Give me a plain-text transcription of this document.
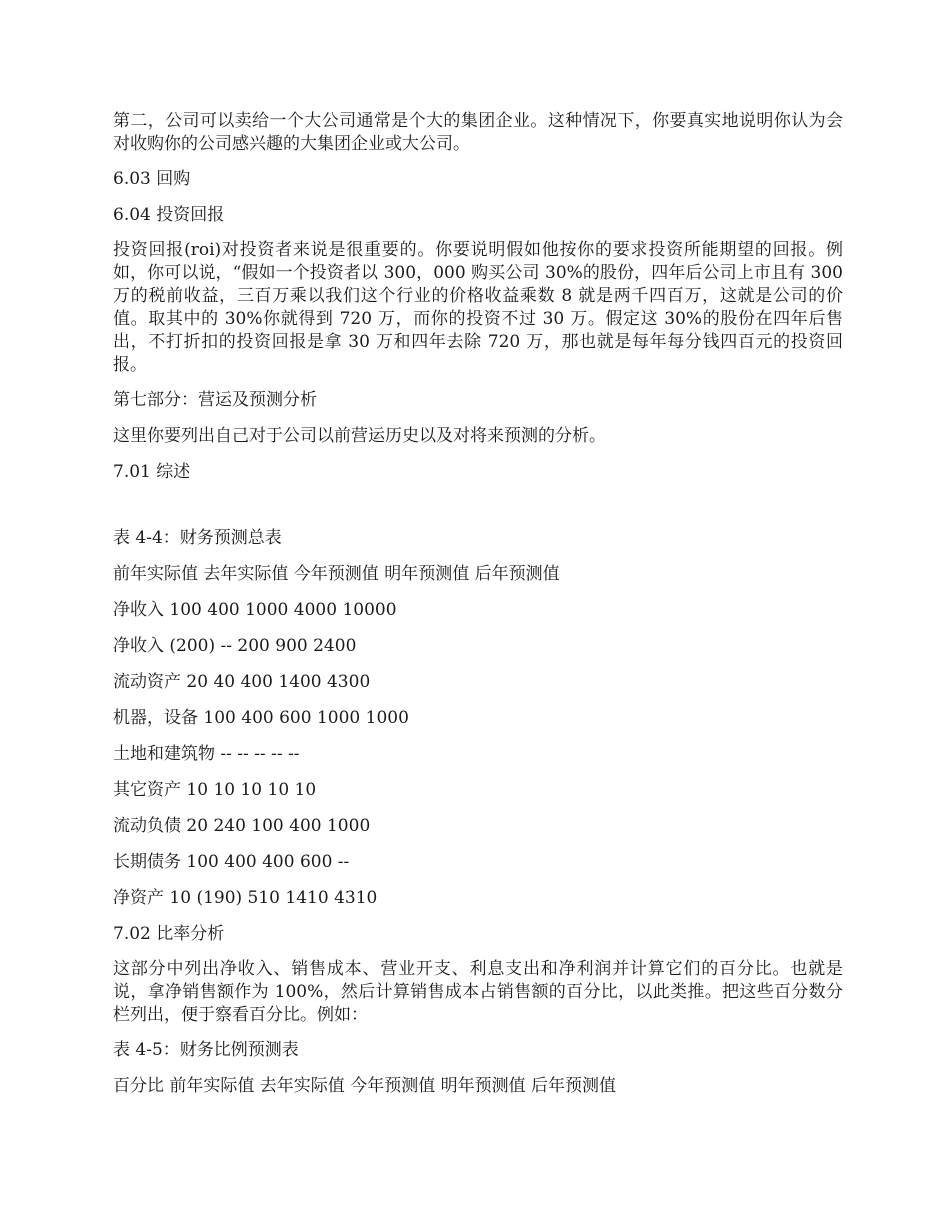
第二，公司可以卖给一个大公司通常是个大的集团企业。这种情况下，你要真实地说明你认为会对收购你的公司感兴趣的大集团企业或大公司。

6.03 回购

6.04 投资回报

投资回报(roi)对投资者来说是很重要的。你要说明假如他按你的要求投资所能期望的回报。例如，你可以说，“假如一个投资者以 300，000 购买公司 30%的股份，四年后公司上市且有 300 万的税前收益，三百万乘以我们这个行业的价格收益乘数 8 就是两千四百万，这就是公司的价值。取其中的 30%你就得到 720 万，而你的投资不过 30 万。假定这 30%的股份在四年后售出，不打折扣的投资回报是拿 30 万和四年去除 720 万，那也就是每年每分钱四百元的投资回报。

第七部分：营运及预测分析

这里你要列出自己对于公司以前营运历史以及对将来预测的分析。

7.01 综述

表 4-4：财务预测总表

前年实际值 去年实际值 今年预测值 明年预测值 后年预测值

净收入 100 400 1000 4000 10000

净收入 (200) -- 200 900 2400

流动资产 20 40 400 1400 4300

机器，设备 100 400 600 1000 1000

土地和建筑物 -- -- -- -- --

其它资产 10 10 10 10 10

流动负债 20 240 100 400 1000

长期债务 100 400 400 600 --

净资产 10 (190) 510 1410 4310

7.02 比率分析

这部分中列出净收入、销售成本、营业开支、利息支出和净利润并计算它们的百分比。也就是说，拿净销售额作为 100%，然后计算销售成本占销售额的百分比，以此类推。把这些百分数分栏列出，便于察看百分比。例如：

表 4-5：财务比例预测表

百分比 前年实际值 去年实际值 今年预测值 明年预测值 后年预测值
